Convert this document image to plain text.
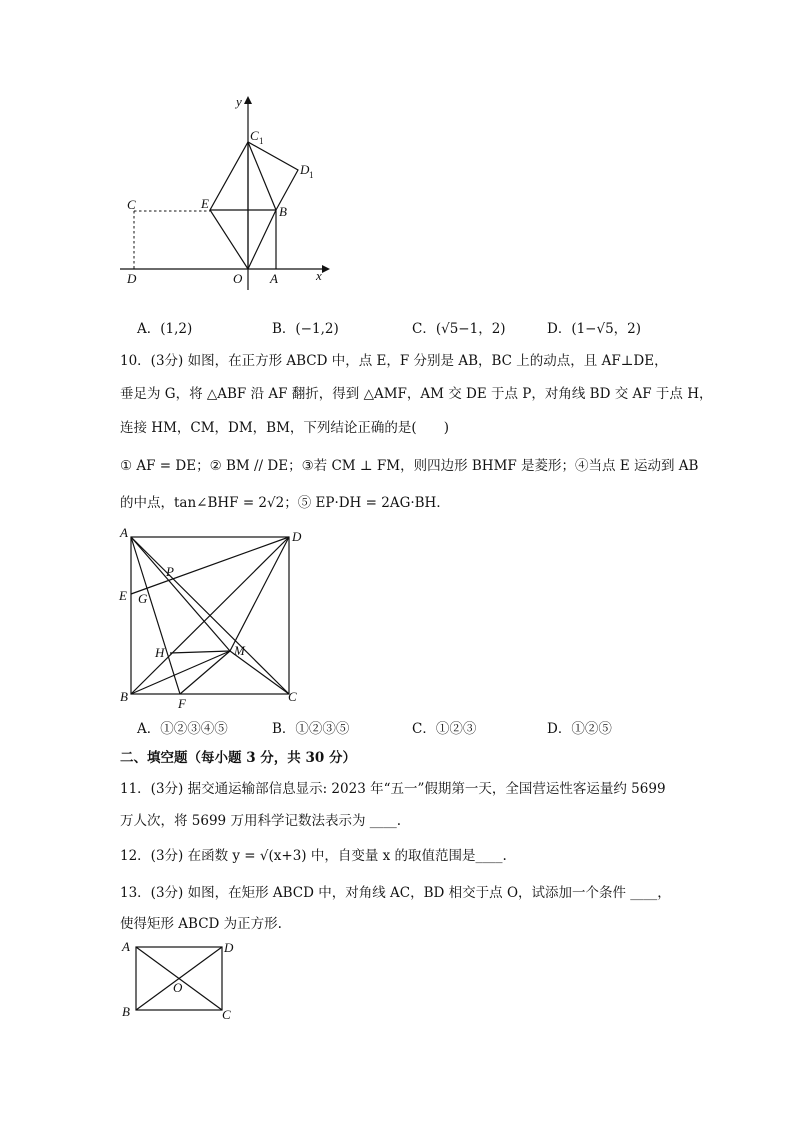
y
x
C 1
D 1
C	E
B
D	O A
A．(1,2)	B．(−1,2)	C．(√5−1，2)	D．(1−√5，2)
10．(3分) 如图，在正方形 ABCD 中，点 E，F 分别是 AB，BC 上的动点，且 AF⊥DE，
垂足为 G，将 △ABF 沿 AF 翻折，得到 △AMF，AM 交 DE 于点 P，对角线 BD 交 AF 于点 H，
连接 HM，CM，DM，BM，下列结论正确的是(　　)
① AF = DE；② BM // DE；③若 CM ⊥ FM，则四边形 BHMF 是菱形；④当点 E 运动到 AB
的中点，tan∠BHF = 2√2；⑤ EP·DH = 2AG·BH．
A	D
P
E G
H	M
B	F	C
A．①②③④⑤	B．①②③⑤	C．①②③	D．①②⑤
二、填空题（每小题 3 分，共 30 分）
11．(3分) 据交通运输部信息显示: 2023 年“五一”假期第一天，全国营运性客运量约 5699
万人次，将 5699 万用科学记数法表示为 ____.
12．(3分) 在函数 y = √(x+3) 中，自变量 x 的取值范围是____.
13．(3分) 如图，在矩形 ABCD 中，对角线 AC，BD 相交于点 O，试添加一个条件 ____，
使得矩形 ABCD 为正方形.
A	D
O
B	C
